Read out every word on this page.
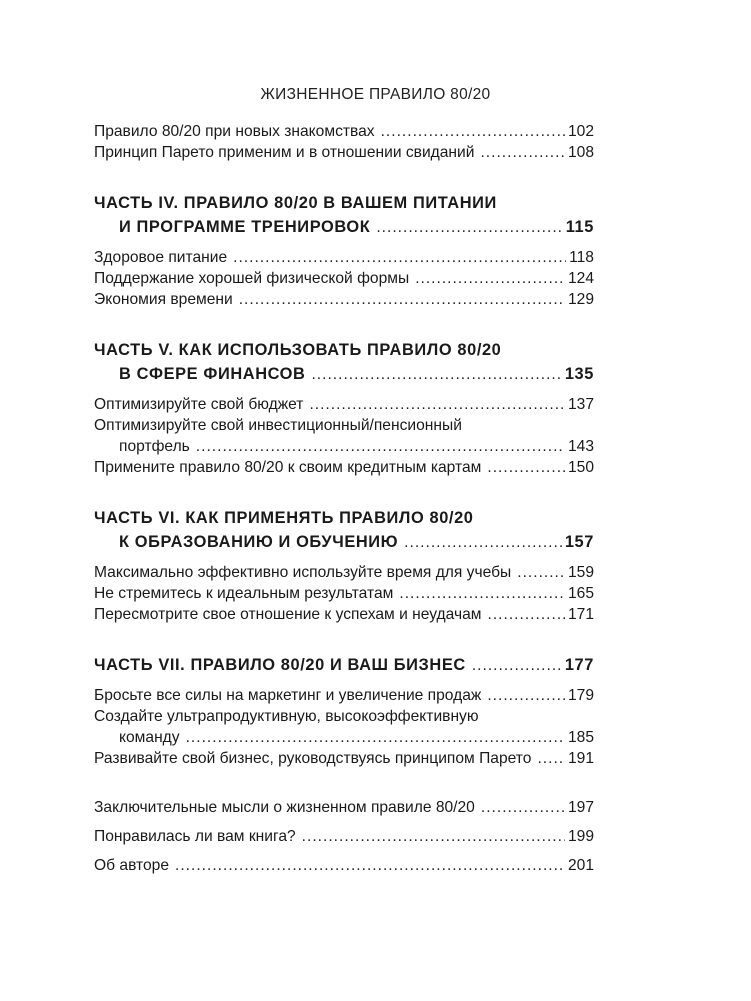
ЖИЗНЕННОЕ ПРАВИЛО 80/20
Правило 80/20 при новых знакомствах .....	102
Принцип Парето применим и в отношении свиданий .....	108
ЧАСТЬ IV. ПРАВИЛО 80/20 В ВАШЕМ ПИТАНИИ
И ПРОГРАММЕ ТРЕНИРОВОК .....	115
Здоровое питание .....	118
Поддержание хорошей физической формы .....	124
Экономия времени .....	129
ЧАСТЬ V. КАК ИСПОЛЬЗОВАТЬ ПРАВИЛО 80/20
В СФЕРЕ ФИНАНСОВ .....	135
Оптимизируйте свой бюджет .....	137
Оптимизируйте свой инвестиционный/пенсионный
портфель .....	143
Примените правило 80/20 к своим кредитным картам .....	150
ЧАСТЬ VI. КАК ПРИМЕНЯТЬ ПРАВИЛО 80/20
К ОБРАЗОВАНИЮ И ОБУЧЕНИЮ .....	157
Максимально эффективно используйте время для учебы .....	159
Не стремитесь к идеальным результатам .....	165
Пересмотрите свое отношение к успехам и неудачам .....	171
ЧАСТЬ VII. ПРАВИЛО 80/20 И ВАШ БИЗНЕС .....	177
Бросьте все силы на маркетинг и увеличение продаж .....	179
Создайте ультрапродуктивную, высокоэффективную
команду .....	185
Развивайте свой бизнес, руководствуясь принципом Парето ..... 191
Заключительные мысли о жизненном правиле 80/20 .....	197
Понравилась ли вам книга? .....	199
Об авторе .....	201
